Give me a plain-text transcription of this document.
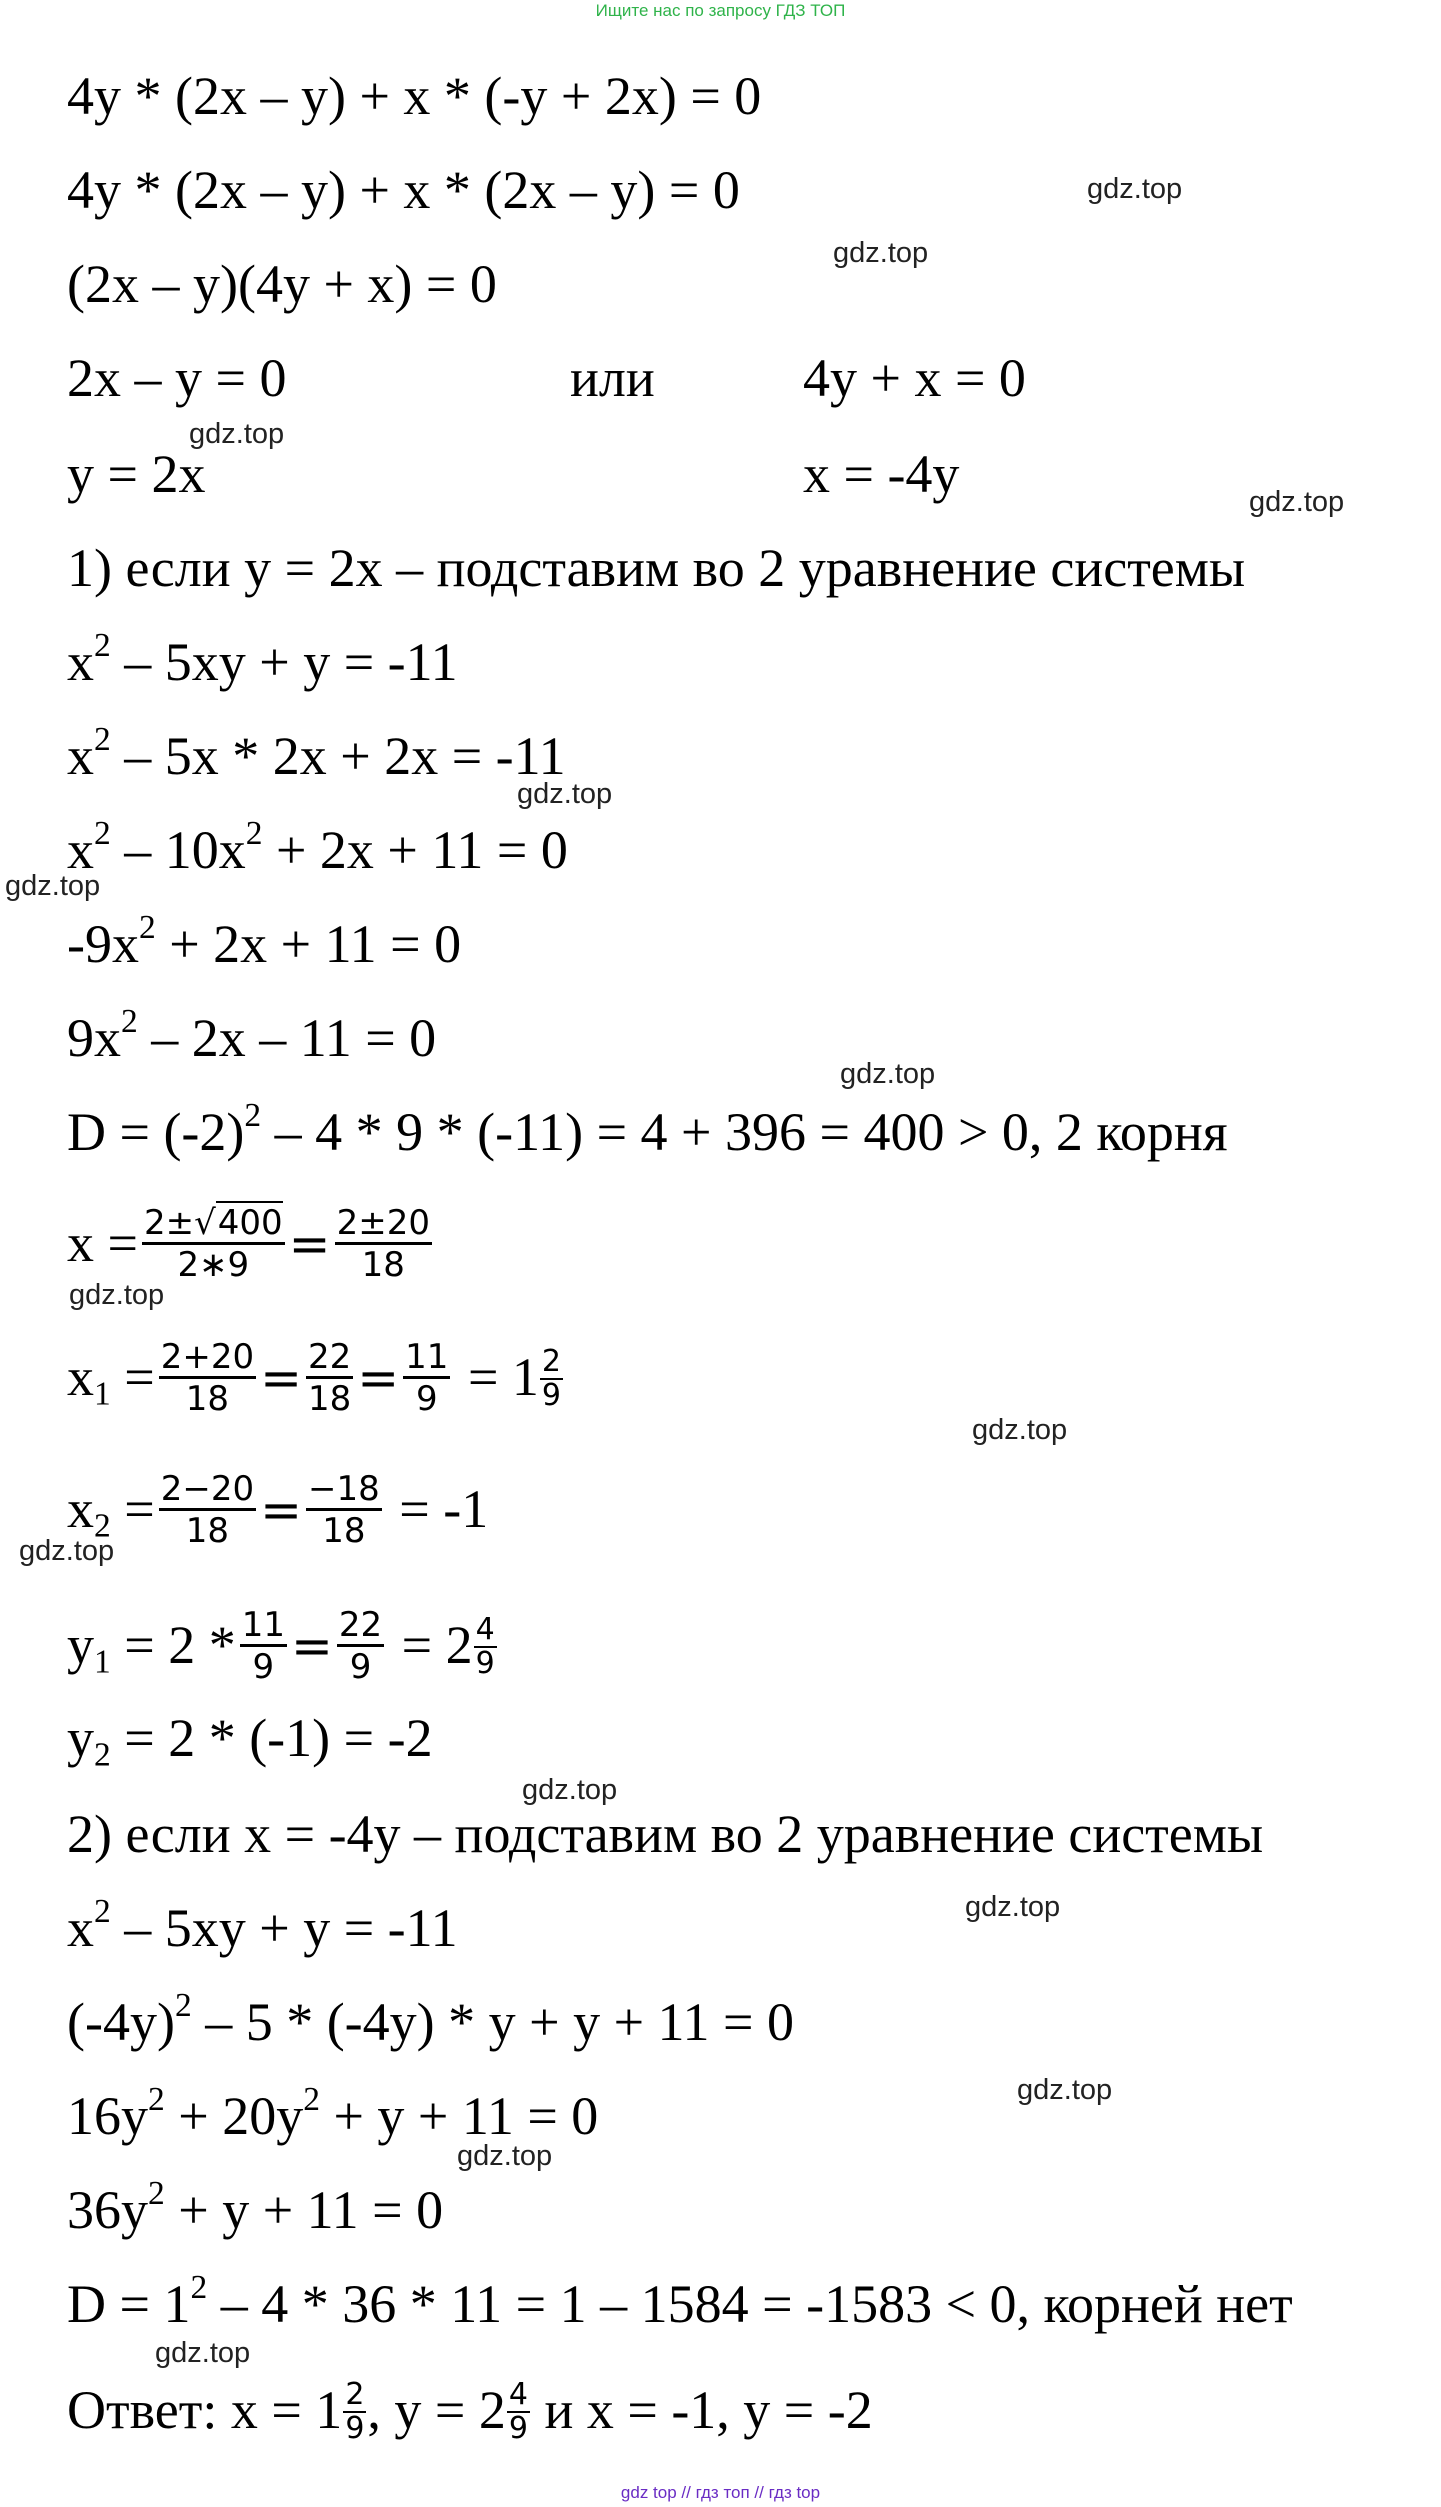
Ищите нас по запросу ГДЗ ТОП
4y * (2x – y) + x * (-y + 2x) = 0
4y * (2x – y) + x * (2x – y) = 0
(2x – y)(4y + x) = 0
2x – y = 0	или	4y + x = 0
y = 2x	x = -4y
1) если y = 2x – подставим во 2 уравнение системы
$x^2 - 5xy + y = -11$
$x^2 - 5x * 2x + 2x = -11$
$x^2 - 10x^2 + 2x + 11 = 0$
$-9x^2 + 2x + 11 = 0$
$9x^2 - 2x - 11 = 0$
$D = (-2)^2 - 4 * 9 * (-11) = 4 + 396 = 400 > 0$, 2 корня
$x = \frac{2\pm√400}{2∗9} = \frac{2\pm 20}{18}$
$x_1 = \frac{2+20}{18} = \frac{22}{18} = \frac{11}{9} = 1 \frac{2}{9}$
$x_2 = \frac{2-20}{18} = \frac{-18}{18} = -1$
$y_1 = 2 * \frac{11}{9} = \frac{22}{9} = 2 \frac{4}{9}$
$y_2 = 2 * (-1) = -2$
2) если x = -4y – подставим во 2 уравнение системы
$x^2 - 5xy + y = -11$
$(-4y)^2 - 5 * (-4y) * y + y + 11 = 0$
$16y^2 + 20y^2 + y + 11 = 0$
$36y^2 + y + 11 = 0$
$D = 1^2 - 4 * 36 * 11 = 1 - 1584 = -1583 < 0$, корней нет
Ответ: $x = 1 \frac{2}{9}$ , $y = 2 \frac{4}{9}$ и x = -1, y = -2
gdz.top
gdz.top
gdz.top
gdz.top
gdz.top
gdz.top
gdz.top
gdz.top
gdz.top
gdz.top
gdz.top
gdz.top
gdz.top
gdz.top
gdz.top
gdz top // гдз топ // гдз top
